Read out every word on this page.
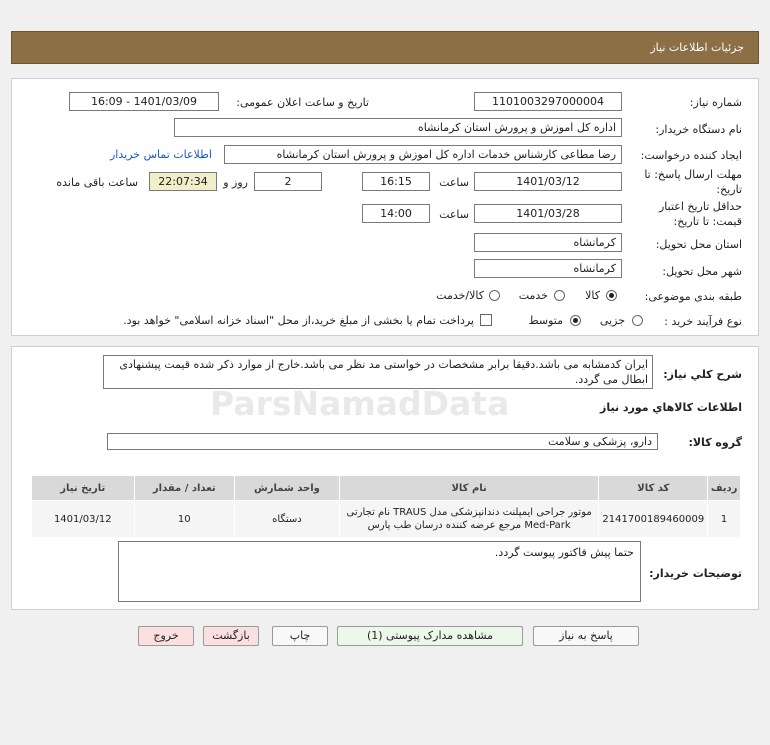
جزئیات اطلاعات نیاز
شماره نیاز:
1101003297000004
تاریخ و ساعت اعلان عمومی:
1401/03/09 - 16:09
نام دستگاه خریدار:
اداره کل اموزش و پرورش استان کرمانشاه
ایجاد کننده درخواست:
رضا مطاعی کارشناس خدمات اداره کل اموزش و پرورش استان کرمانشاه
اطلاعات تماس خریدار
مهلت ارسال پاسخ: تا
تاریخ:
1401/03/12
ساعت
16:15
2
روز و
22:07:34
ساعت باقی مانده
حداقل تاریخ اعتبار
قیمت: تا تاریخ:
1401/03/28
ساعت
14:00
استان محل تحویل:
کرمانشاه
شهر محل تحویل:
کرمانشاه
طبقه بندی موضوعی:
کالا
خدمت
کالا/خدمت
نوع فرآیند خرید :
جزیی
متوسط
پرداخت تمام یا بخشی از مبلغ خرید،از محل "اسناد خزانه اسلامی" خواهد بود.
شرح کلي نياز:
ایران کدمشابه می باشد.دقیقا برابر مشخصات در خواستی مد نظر می باشد.خارج از موارد ذکر شده قیمت پیشنهادی ابطال می گردد.
اطلاعات کالاهاي مورد نياز
گروه کالا:
دارو، پزشکی و سلامت
ردیف	کد کالا	نام کالا	واحد شمارش	تعداد / مقدار	تاریخ نیاز
1	2141700189460009	موتور جراحی ایمپلنت دندانپزشکی مدل TRAUS نام تجارتی Med-Park مرجع عرضه کننده درسان طب پارس	دستگاه	10	1401/03/12
توضیحات خریدار:
حتما پیش فاکتور پیوست گردد.
ParsNamadData
پاسخ به نیاز
مشاهده مدارک پیوستی (1)
چاپ
بازگشت
خروج
